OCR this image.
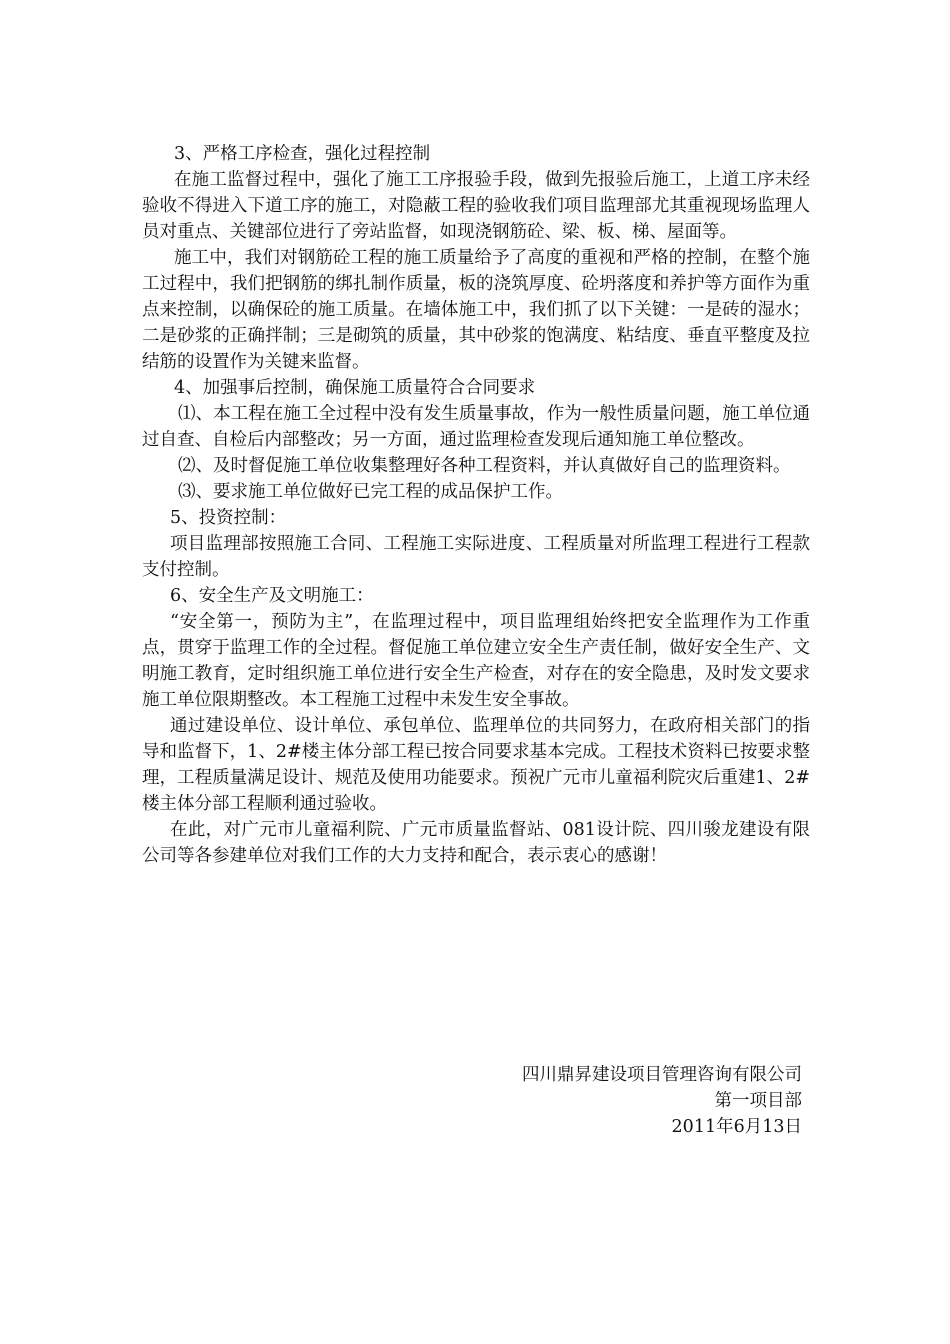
3、严格工序检查，强化过程控制

在施工监督过程中，强化了施工工序报验手段，做到先报验后施工，上道工序未经验收不得进入下道工序的施工，对隐蔽工程的验收我们项目监理部尤其重视现场监理人员对重点、关键部位进行了旁站监督，如现浇钢筋砼、梁、板、梯、屋面等。

施工中，我们对钢筋砼工程的施工质量给予了高度的重视和严格的控制，在整个施工过程中，我们把钢筋的绑扎制作质量，板的浇筑厚度、砼坍落度和养护等方面作为重点来控制，以确保砼的施工质量。在墙体施工中，我们抓了以下关键：一是砖的湿水；二是砂浆的正确拌制；三是砌筑的质量，其中砂浆的饱满度、粘结度、垂直平整度及拉结筋的设置作为关键来监督。

4、加强事后控制，确保施工质量符合合同要求

⑴、本工程在施工全过程中没有发生质量事故，作为一般性质量问题，施工单位通过自查、自检后内部整改；另一方面，通过监理检查发现后通知施工单位整改。

⑵、及时督促施工单位收集整理好各种工程资料，并认真做好自己的监理资料。

⑶、要求施工单位做好已完工程的成品保护工作。

5、投资控制：

项目监理部按照施工合同、工程施工实际进度、工程质量对所监理工程进行工程款支付控制。

6、安全生产及文明施工：

“安全第一，预防为主”，在监理过程中，项目监理组始终把安全监理作为工作重点，贯穿于监理工作的全过程。督促施工单位建立安全生产责任制，做好安全生产、文明施工教育，定时组织施工单位进行安全生产检查，对存在的安全隐患，及时发文要求施工单位限期整改。本工程施工过程中未发生安全事故。

通过建设单位、设计单位、承包单位、监理单位的共同努力，在政府相关部门的指导和监督下，1、2#楼主体分部工程已按合同要求基本完成。工程技术资料已按要求整理，工程质量满足设计、规范及使用功能要求。预祝广元市儿童福利院灾后重建1、2#楼主体分部工程顺利通过验收。

在此，对广元市儿童福利院、广元市质量监督站、081设计院、四川骏龙建设有限公司等各参建单位对我们工作的大力支持和配合，表示衷心的感谢！

四川鼎昇建设项目管理咨询有限公司
第一项目部
2011年6月13日
